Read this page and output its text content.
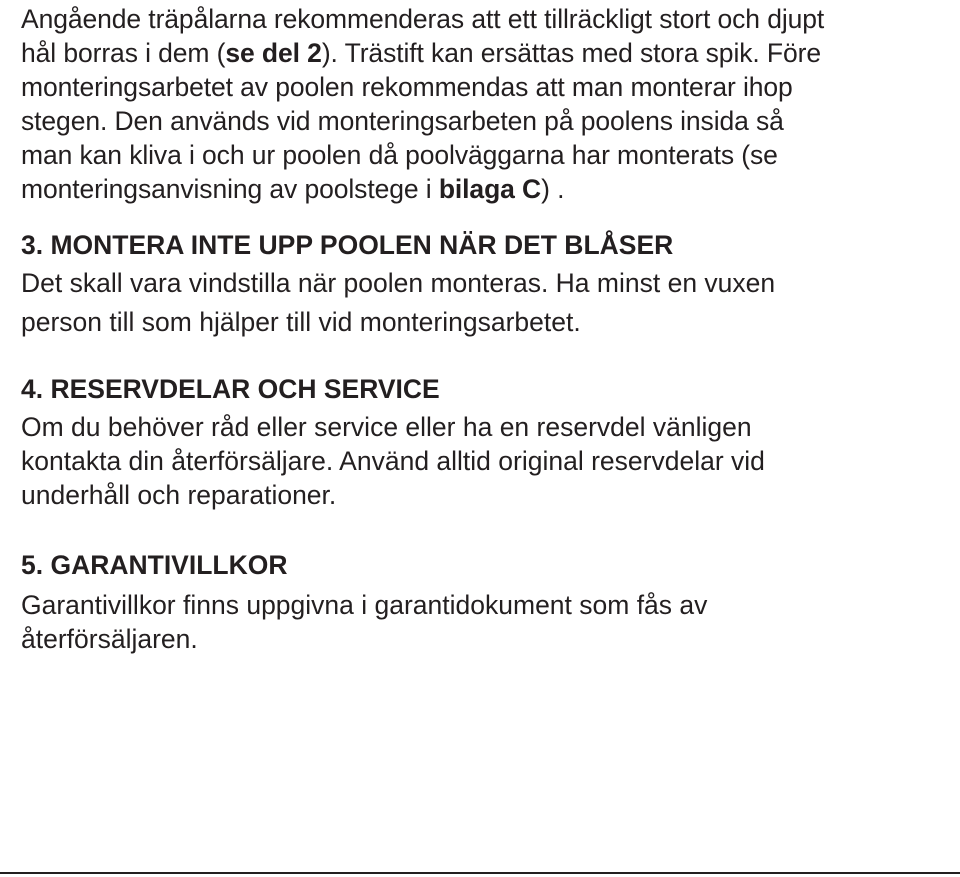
Angående träpålarna rekommenderas att ett tillräckligt stort och djupt
hål borras i dem (se del 2). Trästift kan ersättas med stora spik. Före
monteringsarbetet av poolen rekommendas att man monterar ihop
stegen. Den används vid monteringsarbeten på poolens insida så
man kan kliva i och ur poolen då poolväggarna har monterats (se
monteringsanvisning av poolstege i bilaga C) .
3. MONTERA INTE UPP POOLEN NÄR DET BLÅSER
Det skall vara vindstilla när poolen monteras. Ha minst en vuxen
person till som hjälper till vid monteringsarbetet.
4. RESERVDELAR OCH SERVICE
Om du behöver råd eller service eller ha en reservdel vänligen
kontakta din återförsäljare. Använd alltid original reservdelar vid
underhåll och reparationer.
5. GARANTIVILLKOR
Garantivillkor finns uppgivna i garantidokument som fås av
återförsäljaren.
